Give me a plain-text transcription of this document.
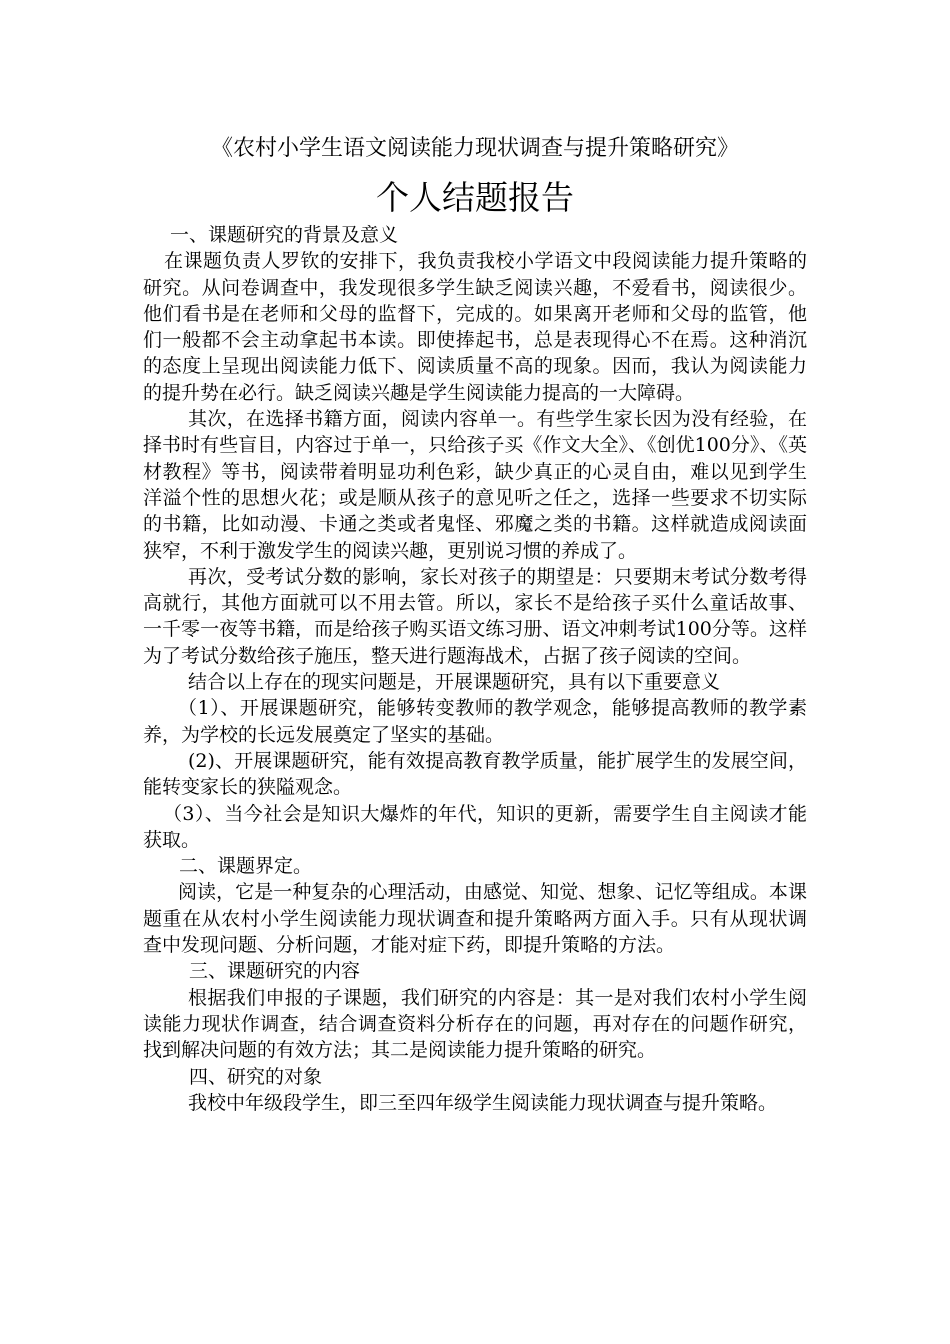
《农村小学生语文阅读能力现状调查与提升策略研究》
个人结题报告

一、课题研究的背景及意义

在课题负责人罗钦的安排下，我负责我校小学语文中段阅读能力提升策略的研究。从问卷调查中，我发现很多学生缺乏阅读兴趣，不爱看书，阅读很少。他们看书是在老师和父母的监督下，完成的。如果离开老师和父母的监管，他们一般都不会主动拿起书本读。即使捧起书，总是表现得心不在焉。这种消沉的态度上呈现出阅读能力低下、阅读质量不高的现象。因而，我认为阅读能力的提升势在必行。缺乏阅读兴趣是学生阅读能力提高的一大障碍。

其次，在选择书籍方面，阅读内容单一。有些学生家长因为没有经验，在择书时有些盲目，内容过于单一，只给孩子买《作文大全》、《创优100分》、《英材教程》等书，阅读带着明显功利色彩，缺少真正的心灵自由，难以见到学生洋溢个性的思想火花；或是顺从孩子的意见听之任之，选择一些要求不切实际的书籍，比如动漫、卡通之类或者鬼怪、邪魔之类的书籍。这样就造成阅读面狭窄，不利于激发学生的阅读兴趣，更别说习惯的养成了。

再次，受考试分数的影响，家长对孩子的期望是：只要期末考试分数考得高就行，其他方面就可以不用去管。所以，家长不是给孩子买什么童话故事、一千零一夜等书籍，而是给孩子购买语文练习册、语文冲刺考试100分等。这样为了考试分数给孩子施压，整天进行题海战术，占据了孩子阅读的空间。

结合以上存在的现实问题是，开展课题研究，具有以下重要意义

（1）、开展课题研究，能够转变教师的教学观念，能够提高教师的教学素养，为学校的长远发展奠定了坚实的基础。

(2)、开展课题研究，能有效提高教育教学质量，能扩展学生的发展空间，能转变家长的狭隘观念。

（3）、当今社会是知识大爆炸的年代，知识的更新，需要学生自主阅读才能获取。

二、课题界定。

阅读，它是一种复杂的心理活动，由感觉、知觉、想象、记忆等组成。本课题重在从农村小学生阅读能力现状调查和提升策略两方面入手。只有从现状调查中发现问题、分析问题，才能对症下药，即提升策略的方法。

三、课题研究的内容

根据我们申报的子课题，我们研究的内容是：其一是对我们农村小学生阅读能力现状作调查，结合调查资料分析存在的问题，再对存在的问题作研究，找到解决问题的有效方法；其二是阅读能力提升策略的研究。

四、研究的对象

我校中年级段学生，即三至四年级学生阅读能力现状调查与提升策略。
